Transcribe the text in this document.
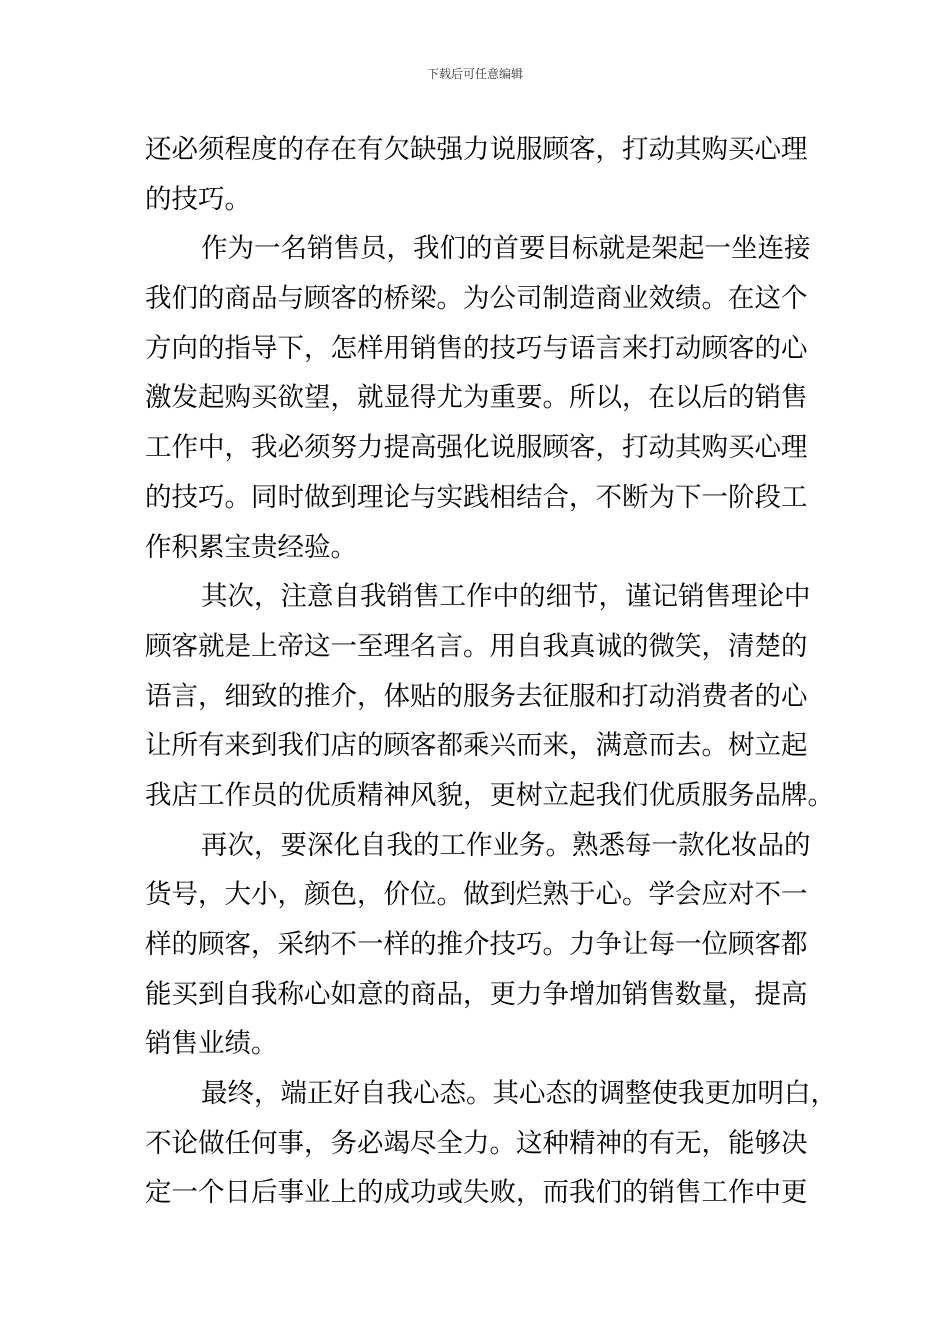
下载后可任意编辑
还必须程度的存在有欠缺强力说服顾客，打动其购买心理
的技巧。
作为一名销售员，我们的首要目标就是架起一坐连接
我们的商品与顾客的桥梁。为公司制造商业效绩。在这个
方向的指导下，怎样用销售的技巧与语言来打动顾客的心
激发起购买欲望，就显得尤为重要。所以，在以后的销售
工作中，我必须努力提高强化说服顾客，打动其购买心理
的技巧。同时做到理论与实践相结合，不断为下一阶段工
作积累宝贵经验。
其次，注意自我销售工作中的细节，谨记销售理论中
顾客就是上帝这一至理名言。用自我真诚的微笑，清楚的
语言，细致的推介，体贴的服务去征服和打动消费者的心
让所有来到我们店的顾客都乘兴而来，满意而去。树立起
我店工作员的优质精神风貌，更树立起我们优质服务品牌。
再次，要深化自我的工作业务。熟悉每一款化妆品的
货号，大小，颜色，价位。做到烂熟于心。学会应对不一
样的顾客，采纳不一样的推介技巧。力争让每一位顾客都
能买到自我称心如意的商品，更力争增加销售数量，提高
销售业绩。
最终，端正好自我心态。其心态的调整使我更加明白，
不论做任何事，务必竭尽全力。这种精神的有无，能够决
定一个日后事业上的成功或失败，而我们的销售工作中更
